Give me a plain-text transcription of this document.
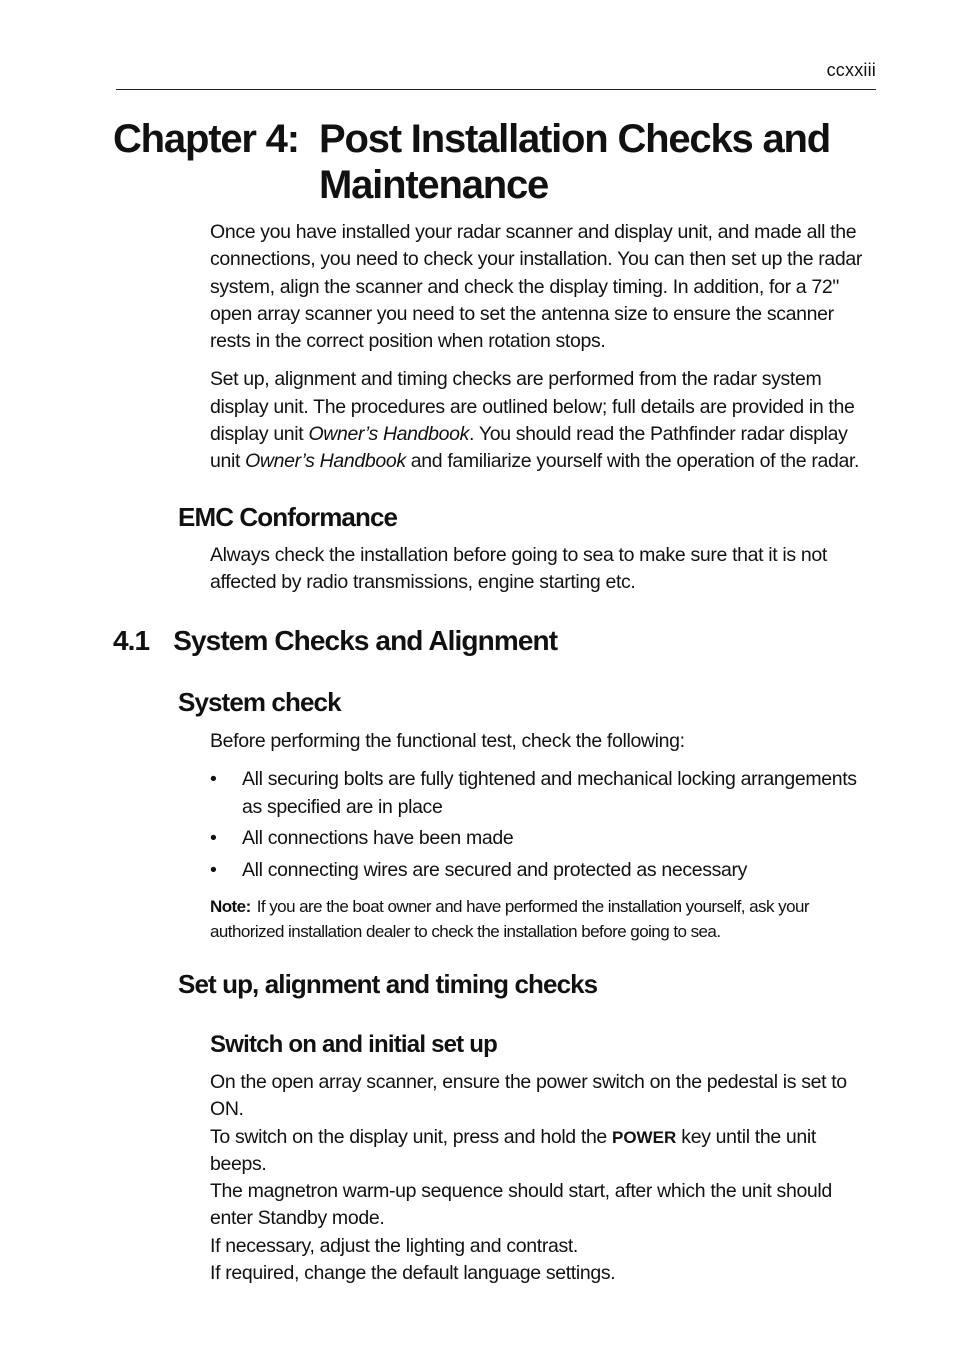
ccxxiii
Chapter 4: Post Installation Checks and
Maintenance

Once you have installed your radar scanner and display unit, and made all the connections, you need to check your installation. You can then set up the radar system, align the scanner and check the display timing. In addition, for a 72" open array scanner you need to set the antenna size to ensure the scanner rests in the correct position when rotation stops.

Set up, alignment and timing checks are performed from the radar system display unit. The procedures are outlined below; full details are provided in the display unit Owner’s Handbook. You should read the Pathfinder radar display unit Owner’s Handbook and familiarize yourself with the operation of the radar.

EMC Conformance

Always check the installation before going to sea to make sure that it is not affected by radio transmissions, engine starting etc.

4.1 System Checks and Alignment
System check

Before performing the functional test, check the following:

• All securing bolts are fully tightened and mechanical locking arrangements as specified are in place
• All connections have been made
• All connecting wires are secured and protected as necessary
Note: If you are the boat owner and have performed the installation yourself, ask your authorized installation dealer to check the installation before going to sea.
Set up, alignment and timing checks
Switch on and initial set up

On the open array scanner, ensure the power switch on the pedestal is set to ON.

To switch on the display unit, press and hold the POWER key until the unit beeps.

The magnetron warm-up sequence should start, after which the unit should enter Standby mode.

If necessary, adjust the lighting and contrast.

If required, change the default language settings.
